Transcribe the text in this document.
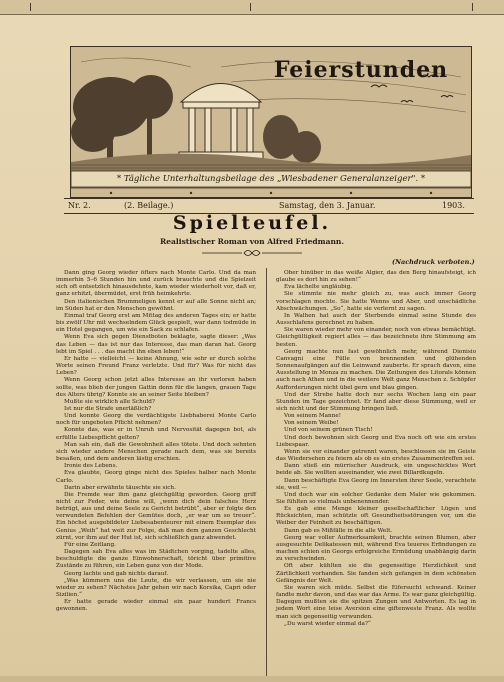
Feierstunden
* Tägliche Unterhaltungsbeilage des „Wiesbadener Generalanzeiger". *
Nr. 2.	(2. Beilage.)	Samstag, den 3. Januar.	1903.
Spielteufel.
Realistischer Roman von Alfred Friedmann.
(Nachdruck verboten.)

Dann ging Georg wieder öfters nach Monte Carlo. Und da man immerhin 5–6 Stunden hin und zurück brauchte und die Spielzeit sich oft entsetzlich hinausdehnte, kam wieder wiederholt vor, daß er, ganz erhitzt, übermüdet, erst früh heimkehrte.

Den italienischen Brummeligen kennt er auf alle Sonne nicht an; im Süden hat er den Menschen gewöhnt.

Einmal traf Georg erst am Mittag des anderen Tages ein; er hatte bis zwölf Uhr mit wechselndem Glück gespielt, war dann todmüde in ein Hotel gegangen, um wie ein Sack zu schlafen.

Wenn Eva sich gegen Dienstboten beklagte, sagte dieser: „Was das Leben — das ist nur das Interesse, das man daran hat. Georg lebt im Spiel . . . das macht ihn eben leben!“

Er hatte — vielleicht — keine Ahnung, wie sehr er durch solche Worte seinen Freund Franz verletzte. Und für? Was für nicht das Leben?

Wenn Georg schon jetzt alles Interesse an ihr verloren haben sollte, was blieb der jungen Gattin denn für die langen, grauen Tage des Alters übrig? Konnte sie an seiner Seite bleiben?

Mußte sie wirklich alle Schuld?

Ist nur die Strafe unerläßlich?

Und konnte Georg die verdächtigste Liebhaberei Monte Carlo noch für ungeboten Pflicht nehmen?

Konnte das, was er in Unruh und Nervosität dagegen bot, als erfüllte Liebespflicht gelten?

Man sah ein, daß die Gewohnheit alles tötete. Und doch sehnten sich wieder andere Menschen gerade nach dem, was sie bereits besaßen, und dem anderen lästig erschien.

Ironie des Lebens.

Eva glaubte, Georg ginge nicht des Spieles halber nach Monte Carlo.

Darin aber erwähnte täuschte sie sich.

Die Fremde war ihm ganz gleichgültig geworden. Georg griff nicht zur Feder, wie deine will, „wenn dich dein falsches Herz betrügt, aus und deine Seele zu Gericht betrübt“, aber er folgte den verwundeten Befehlen der Gemütes doch, „er war um so treuer“. Ein höchst ausgebildeter Liebesabenteurer mit einem Exemplar des Genius „Weib“ hat weit zur Folge, daß man dem ganzen Geschlecht zürnt, vor ihm auf der Hut ist, sich schließlich ganz abwendet.

Für eine Zeitlang.

Dagegen sah Eva alles was im Städtchen vorging, tadelte alles, beschuldigte die ganze Einwohnerschaft, töricht über primitive Zustände zu führen, ein Leben ganz von der Mode.

Georg lachte und gab nichts darauf.

„Was kümmern uns die Leute, die wir verlassen, um sie nie wieder zu sehen? Nächstes Jahr gehen wir nach Korsika, Capri oder Sizilien.“

Er hatte gerade wieder einmal ein paar hundert Francs gewonnen.

Ober hinüber in das weiße Algier, das den Berg hinaufsteigt, ich glaube es dort hin zu sehen!“

Eva lächelte ungläubig.

Sie stimmte nie mehr gleich zu, was auch immer Georg vorschlagen mochte. Sie hatte Wenns und Aber, und unschädliche Abschwächungen. „So“, hatte sie verlernt zu sagen.

In Walhen hat auch der Sterbende einmal seine Stunde des Ausschlafens gerechnet zu haben.

Sie waren wieder mehr von einander, noch von etwas bemächtigt. Gleichgültigkeit regiert alles — das bezeichnete ihre Stimmung am besten.

Georg machte nun fast gewöhnlich mehr, während Dionisio Canvagni eine Fülle von brennenden und glühenden Sonnenaufgängen auf die Leinwand zauberte. Er sprach davon, eine Ausstellung in Monza zu machen. Die Zeitungen des Litorals können auch nach Athen und in die weitere Welt ganz Menschen z. Schöpfer Aufforderungen nicht übel gern und blau gingen.

Und der Strebe hatte doch nur sechs Wochen lang ein paar Stunden im Tage gezeichnet. Er fand aber diese Stimmung, weil er sich nicht und der Stimmung bringen ließ.

Von seinem Manne!

Von seinem Weibe!

Und von seinem grünen Tisch!

Und doch bewohnen sich Georg und Eva noch oft wie ein erstes Liebespaar.

Wenn sie vor einander getrennt waren, beschlossen sie im Geiste das Wiedersehen zu feiern als ob es ein erstes Zusammentreffen sei.

Dann stieß ein mürrischer Ausdruck, ein ungeschicktes Wort beide ab. Sie wollten auseinander, wie zwei Billardkugeln.

Dann beschäftigte Eva Georg im Innersten ihrer Seele, verachtete sie, weil —

Und doch war ein solcher Gedanke dem Maler wie gekommen. Sie fühlten so vielmals unbenennender.

Es gab eine Menge kleiner gesellschaftlicher Lügen und Rücksichten, man schützte oft Gesundheitsstörungen vor, um die Weiber der Feinheit zu beschäftigen.

Dann gab es Mißfälle in die alle Welt.

Georg war voller Aufmerksamkeit, brachte seinen Blumen, aber ausgesuchte Delikatessen mit, während Eva teueres Erfindungen zu machen schien ein Georgs erfolgreiche Ermüdung unabhängig darin zu verschwinden.

Oft aber kühlten sie die gegenseitige Herzlichkeit und Zärtlichkeit vorhanden. Sie fanden sich gefangen in dem schönsten Gefängnis der Welt.

Sie waren sich müde. Selbst die Eifersucht schwand. Keiner fandte mehr davon, und das war das Arme. Es war ganz gleichgültig. Dagegen mußten sie die spitzen Zungen und Antworten. Es lag in jedem Wort eine leise Aversion eine giftenweste Franz. Als wollte man sich gegenseitig verwunden.

„Du warst wieder einmal da?“
